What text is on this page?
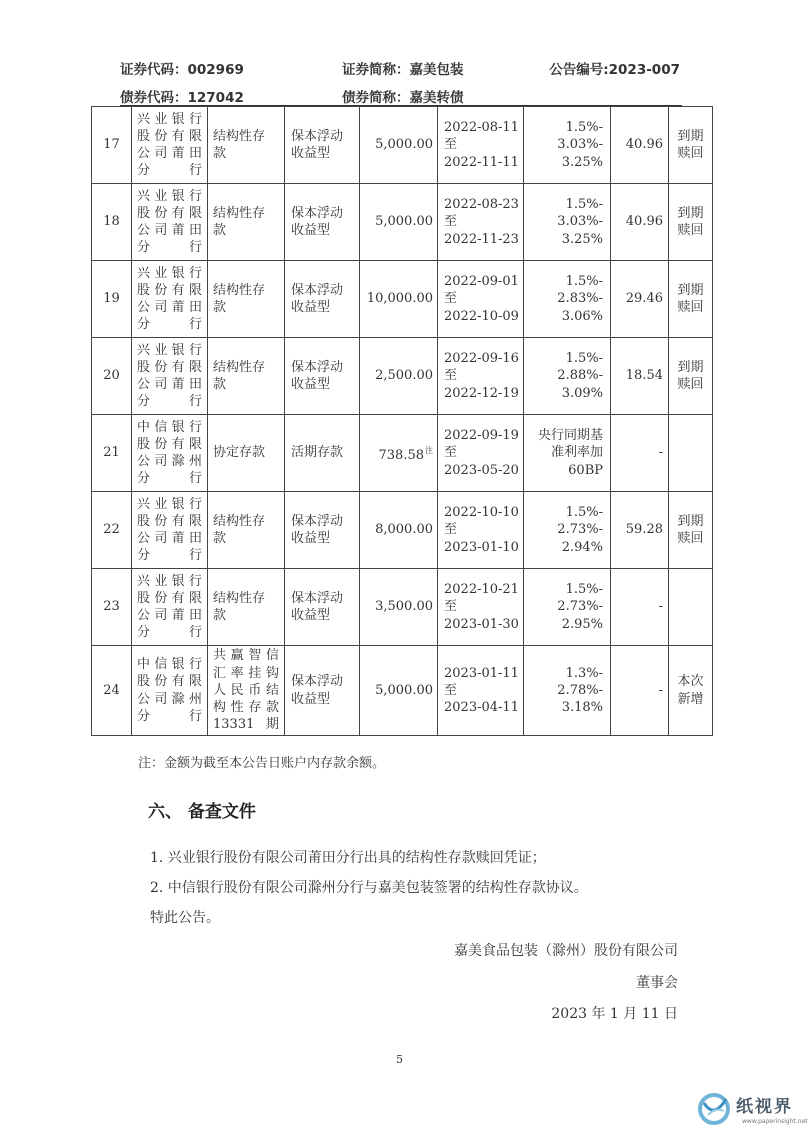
证券代码：002969	证券简称：嘉美包装	公告编号:2023-007
债券代码：127042	债券简称：嘉美转债
17	兴业银行
股份有限
公司莆田
分行	结构性存
款	保本浮动
收益型	5,000.00	2022-08-11
至
2022-11-11	1.5%-
3.03%-
3.25%	40.96	到期
赎回

18	兴业银行
股份有限
公司莆田
分行	结构性存
款	保本浮动
收益型	5,000.00	2022-08-23
至
2022-11-23	1.5%-
3.03%-
3.25%	40.96	到期
赎回

19	兴业银行
股份有限
公司莆田
分行	结构性存
款	保本浮动
收益型	10,000.00	2022-09-01
至
2022-10-09	1.5%-
2.83%-
3.06%	29.46	到期
赎回

20	兴业银行
股份有限
公司莆田
分行	结构性存
款	保本浮动
收益型	2,500.00	2022-09-16
至
2022-12-19	1.5%-
2.88%-
3.09%	18.54	到期
赎回

21	中信银行
股份有限
公司滁州
分行	协定存款	活期存款	$738.58^注$	2022-09-19
至
2023-05-20	央行同期基
准利率加
60BP	-	
22	兴业银行
股份有限
公司莆田
分行	结构性存
款	保本浮动
收益型	8,000.00	2022-10-10
至
2023-01-10	1.5%-
2.73%-
2.94%	59.28	到期
赎回

23	兴业银行
股份有限
公司莆田
分行	结构性存
款	保本浮动
收益型	3,500.00	2022-10-21
至
2023-01-30	1.5%-
2.73%-
2.95%	-	
24	中信银行
股份有限
公司滁州
分行	共赢智信
汇率挂钩
人民币结
构性存款
13331期	保本浮动
收益型	5,000.00	2023-01-11
至
2023-04-11	1.3%-
2.78%-
3.18%	-	本次
新增
注：金额为截至本公告日账户内存款余额。
六、 备查文件
1. 兴业银行股份有限公司莆田分行出具的结构性存款赎回凭证；
2. 中信银行股份有限公司滁州分行与嘉美包装签署的结构性存款协议。
特此公告。
嘉美食品包装（滁州）股份有限公司
董事会
2023 年 1 月 11 日
5
纸视界
www.paperinsight.net
